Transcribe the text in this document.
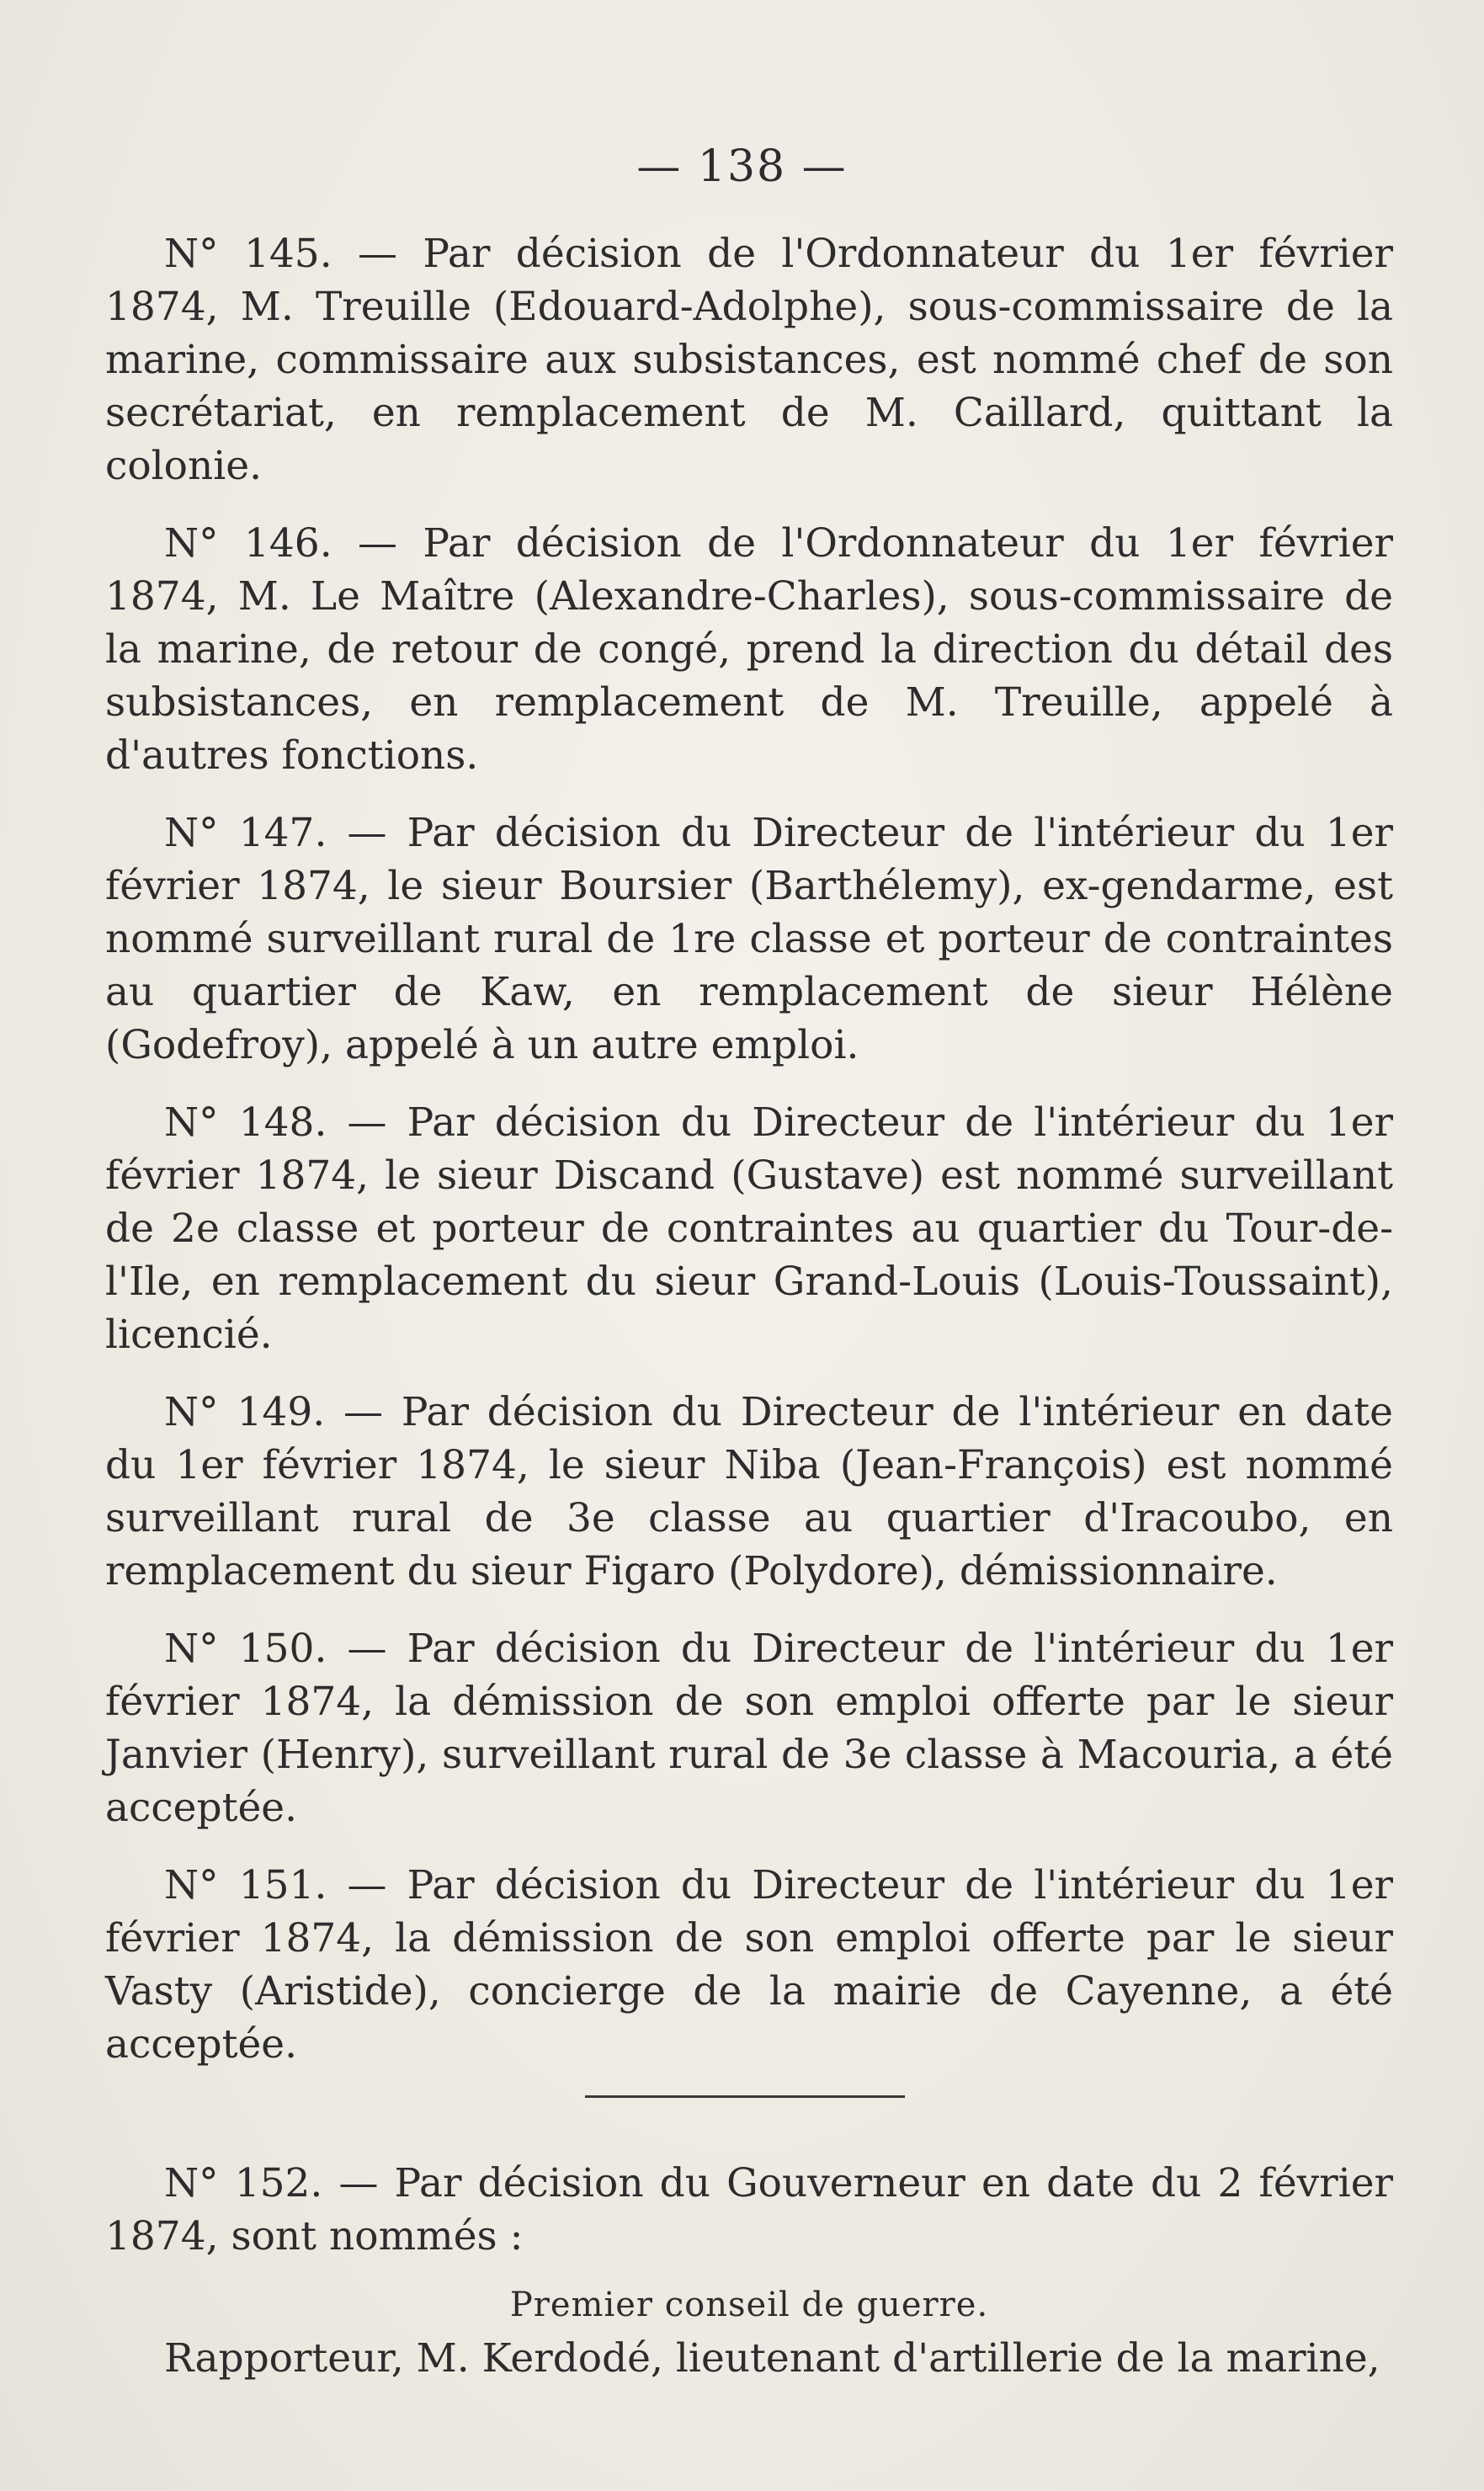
— 138 —

N° 145. — Par décision de l'Ordonnateur du 1er février 1874, M. Treuille (Edouard-Adolphe), sous-commissaire de la marine, commissaire aux subsistances, est nommé chef de son secrétariat, en remplacement de M. Caillard, quittant la colonie.

N° 146. — Par décision de l'Ordonnateur du 1er février 1874, M. Le Maître (Alexandre-Charles), sous-commissaire de la marine, de retour de congé, prend la direction du détail des subsistances, en remplacement de M. Treuille, appelé à d'autres fonctions.

N° 147. — Par décision du Directeur de l'intérieur du 1er février 1874, le sieur Boursier (Barthélemy), ex-gendarme, est nommé surveillant rural de 1re classe et porteur de contraintes au quartier de Kaw, en remplacement de sieur Hélène (Godefroy), appelé à un autre emploi.

N° 148. — Par décision du Directeur de l'intérieur du 1er février 1874, le sieur Discand (Gustave) est nommé surveillant de 2e classe et porteur de contraintes au quartier du Tour-de-l'Ile, en remplacement du sieur Grand-Louis (Louis-Toussaint), licencié.

N° 149. — Par décision du Directeur de l'intérieur en date du 1er février 1874, le sieur Niba (Jean-François) est nommé surveillant rural de 3e classe au quartier d'Iracoubo, en remplacement du sieur Figaro (Polydore), démissionnaire.

N° 150. — Par décision du Directeur de l'intérieur du 1er février 1874, la démission de son emploi offerte par le sieur Janvier (Henry), surveillant rural de 3e classe à Macouria, a été acceptée.

N° 151. — Par décision du Directeur de l'intérieur du 1er février 1874, la démission de son emploi offerte par le sieur Vasty (Aristide), concierge de la mairie de Cayenne, a été acceptée.

N° 152. — Par décision du Gouverneur en date du 2 février 1874, sont nommés :

Premier conseil de guerre.

Rapporteur, M. Kerdodé, lieutenant d'artillerie de la marine,
